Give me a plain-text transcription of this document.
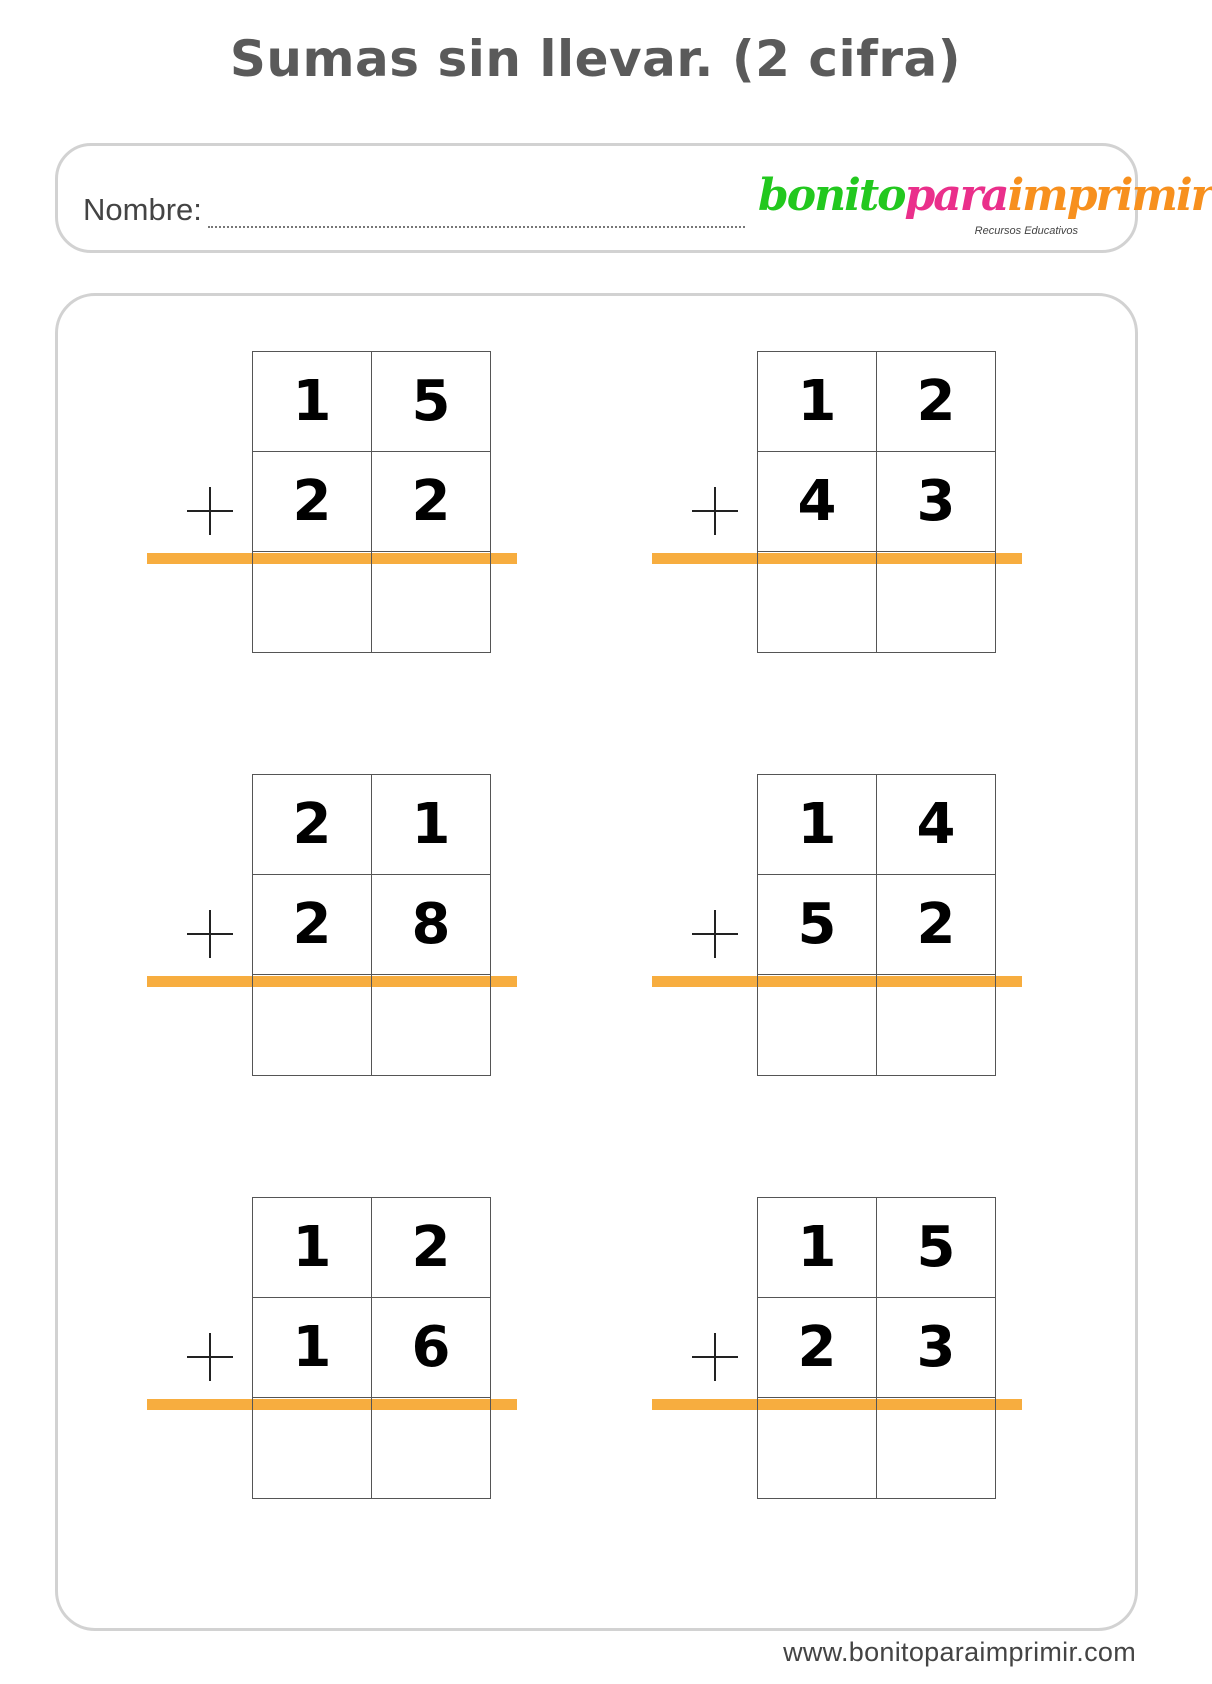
Sumas sin llevar. (2 cifra)
Nombre:	bonitoparaimprimir
Recursos Educativos
1	5
2	2
1	2
4	3
2	1
2	8
1	4
5	2
1	2
1	6
1	5
2	3
www.bonitoparaimprimir.com
